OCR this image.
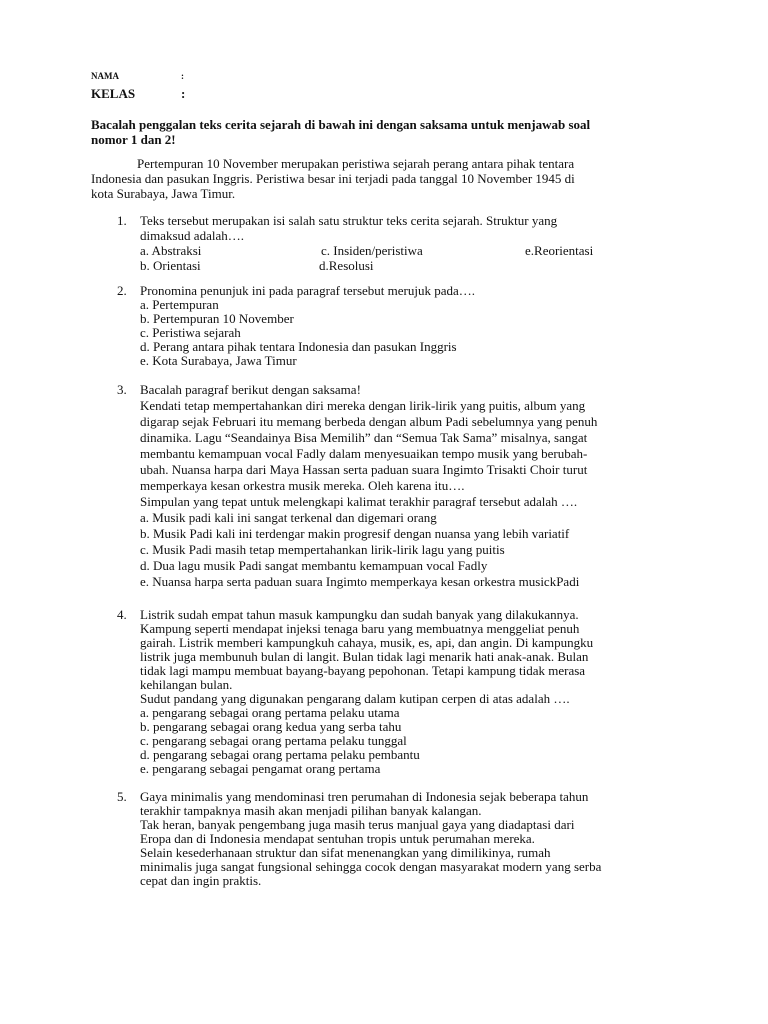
NAMA	:
KELAS	:
Bacalah penggalan teks cerita sejarah di bawah ini dengan saksama untuk menjawab soal
nomor 1 dan 2!
Pertempuran 10 November merupakan peristiwa sejarah perang antara pihak tentara
Indonesia dan pasukan Inggris. Peristiwa besar ini terjadi pada tanggal 10 November 1945 di
kota Surabaya, Jawa Timur.
1. Teks tersebut merupakan isi salah satu struktur teks cerita sejarah. Struktur yang
dimaksud adalah….
a. Abstraksi	c. Insiden/peristiwa	e.Reorientasi
b. Orientasi	d.Resolusi
2. Pronomina penunjuk ini pada paragraf tersebut merujuk pada….
a. Pertempuran
b. Pertempuran 10 November
c. Peristiwa sejarah
d. Perang antara pihak tentara Indonesia dan pasukan Inggris
e. Kota Surabaya, Jawa Timur
3. Bacalah paragraf berikut dengan saksama!
Kendati tetap mempertahankan diri mereka dengan lirik-lirik yang puitis, album yang
digarap sejak Februari itu memang berbeda dengan album Padi sebelumnya yang penuh
dinamika. Lagu “Seandainya Bisa Memilih” dan “Semua Tak Sama” misalnya, sangat
membantu kemampuan vocal Fadly dalam menyesuaikan tempo musik yang berubah-
ubah. Nuansa harpa dari Maya Hassan serta paduan suara Ingimto Trisakti Choir turut
memperkaya kesan orkestra musik mereka. Oleh karena itu….
Simpulan yang tepat untuk melengkapi kalimat terakhir paragraf tersebut adalah ….
a. Musik padi kali ini sangat terkenal dan digemari orang
b. Musik Padi kali ini terdengar makin progresif dengan nuansa yang lebih variatif
c. Musik Padi masih tetap mempertahankan lirik-lirik lagu yang puitis
d. Dua lagu musik Padi sangat membantu kemampuan vocal Fadly
e. Nuansa harpa serta paduan suara Ingimto memperkaya kesan orkestra musickPadi
4. Listrik sudah empat tahun masuk kampungku dan sudah banyak yang dilakukannya.
Kampung seperti mendapat injeksi tenaga baru yang membuatnya menggeliat penuh
gairah. Listrik memberi kampungkuh cahaya, musik, es, api, dan angin. Di kampungku
listrik juga membunuh bulan di langit. Bulan tidak lagi menarik hati anak-anak. Bulan
tidak lagi mampu membuat bayang-bayang pepohonan. Tetapi kampung tidak merasa
kehilangan bulan.
Sudut pandang yang digunakan pengarang dalam kutipan cerpen di atas adalah ….
a. pengarang sebagai orang pertama pelaku utama
b. pengarang sebagai orang kedua yang serba tahu
c. pengarang sebagai orang pertama pelaku tunggal
d. pengarang sebagai orang pertama pelaku pembantu
e. pengarang sebagai pengamat orang pertama
5. Gaya minimalis yang mendominasi tren perumahan di Indonesia sejak beberapa tahun
terakhir tampaknya masih akan menjadi pilihan banyak kalangan.
Tak heran, banyak pengembang juga masih terus manjual gaya yang diadaptasi dari
Eropa dan di Indonesia mendapat sentuhan tropis untuk perumahan mereka.
Selain kesederhanaan struktur dan sifat menenangkan yang dimilikinya, rumah
minimalis juga sangat fungsional sehingga cocok dengan masyarakat modern yang serba
cepat dan ingin praktis.
